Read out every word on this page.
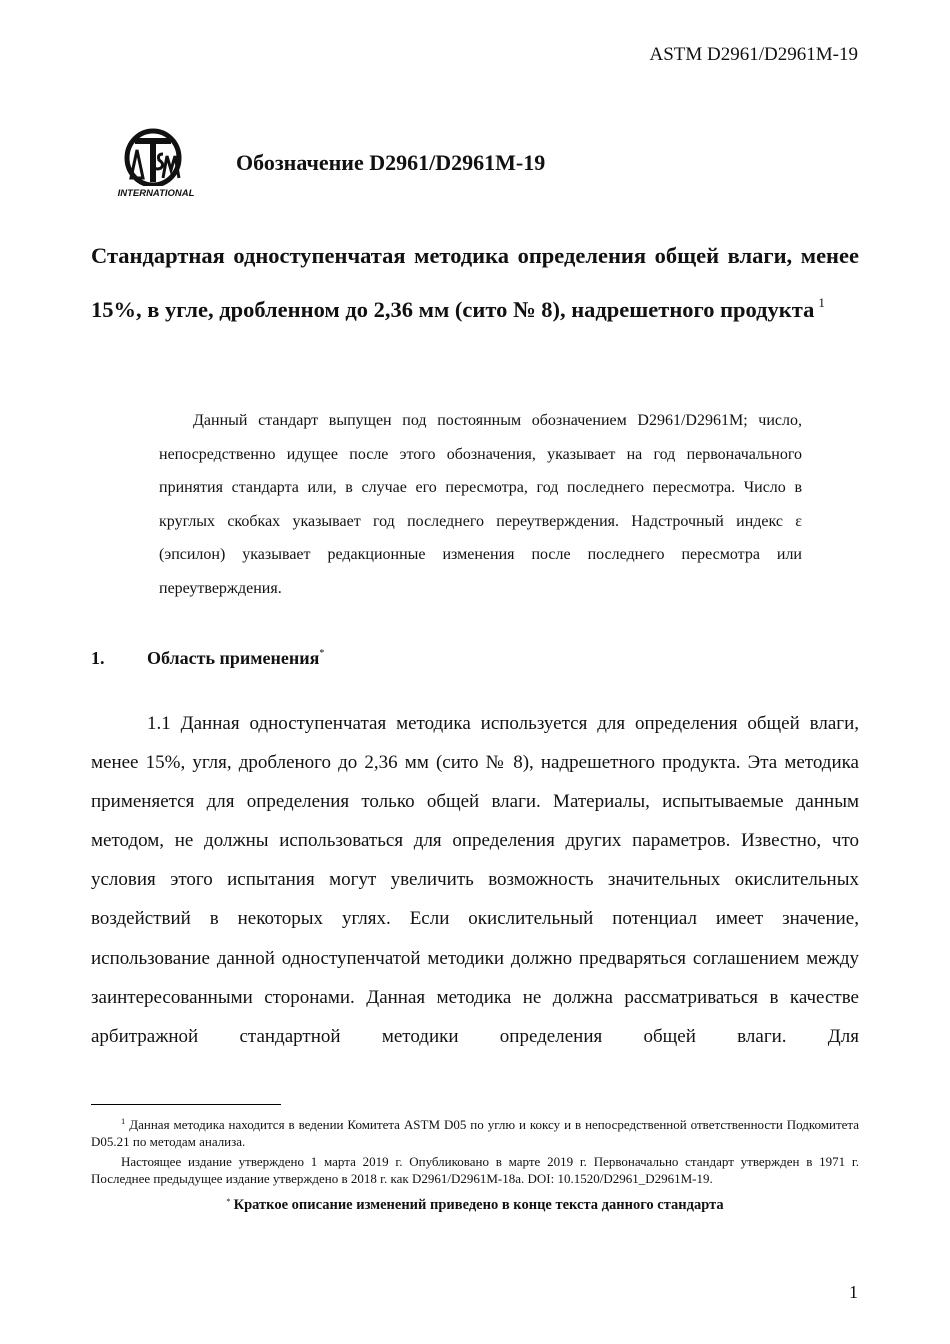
ASTM D2961/D2961M-19
INTERNATIONAL
Обозначение D2961/D2961M-19
Стандартная одноступенчатая методика определения общей влаги, менее 15%, в угле, дробленном до 2,36 мм (сито № 8), надрешетного продукта $^1$
Данный стандарт выпущен под постоянным обозначением D2961/D2961M; число, непосредственно идущее после этого обозначения, указывает на год первоначального принятия стандарта или, в случае его пересмотра, год последнего пересмотра. Число в круглых скобках указывает год последнего переутверждения. Надстрочный индекс ε (эпсилон) указывает редакционные изменения после последнего пересмотра или переутверждения.
1. Область применения*
1.1 Данная одноступенчатая методика используется для определения общей влаги, менее 15%, угля, дробленого до 2,36 мм (сито № 8), надрешетного продукта. Эта методика применяется для определения только общей влаги. Материалы, испытываемые данным методом, не должны использоваться для определения других параметров. Известно, что условия этого испытания могут увеличить возможность значительных окислительных воздействий в некоторых углях. Если окислительный потенциал имеет значение, использование данной одноступенчатой методики должно предваряться соглашением между заинтересованными сторонами. Данная методика не должна рассматриваться в качестве арбитражной стандартной методики определения общей влаги. Для

$^1$ Данная методика находится в ведении Комитета ASTM D05 по углю и коксу и в непосредственной ответственности Подкомитета D05.21 по методам анализа.

Настоящее издание утверждено 1 марта 2019 г. Опубликовано в марте 2019 г. Первоначально стандарт утвержден в 1971 г. Последнее предыдущее издание утверждено в 2018 г. как D2961/D2961M-18a. DOI: 10.1520/D2961_D2961M-19.

* Краткое описание изменений приведено в конце текста данного стандарта

1
